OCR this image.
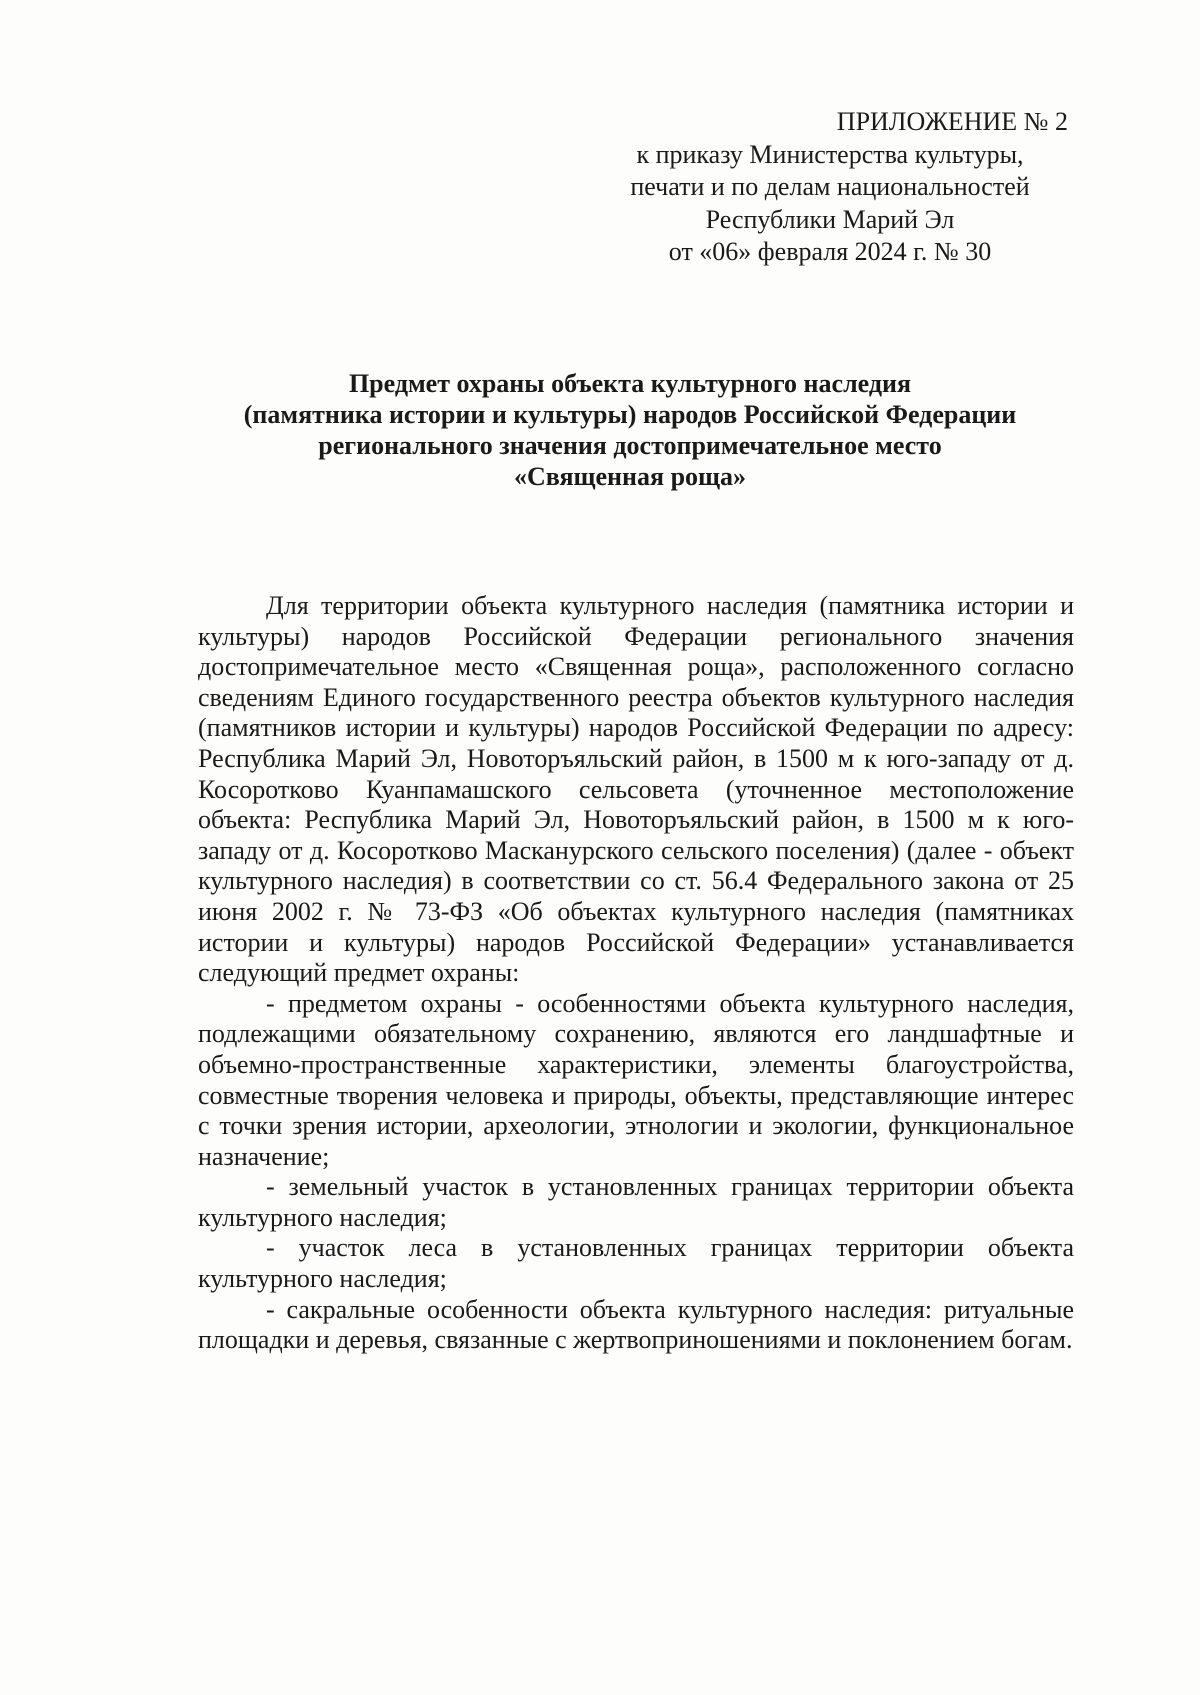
ПРИЛОЖЕНИЕ № 2
к приказу Министерства культуры,
печати и по делам национальностей
Республики Марий Эл
от «06» февраля 2024 г. № 30
Предмет охраны объекта культурного наследия
(памятника истории и культуры) народов Российской Федерации
регионального значения достопримечательное место
«Священная роща»

Для территории объекта культурного наследия (памятника истории и культуры) народов Российской Федерации регионального значения достопримечательное место «Священная роща», расположенного согласно сведениям Единого государственного реестра объектов культурного наследия (памятников истории и культуры) народов Российской Федерации по адресу: Республика Марий Эл, Новоторъяльский район, в 1500 м к юго-западу от д. Косоротково Куанпамашского сельсовета (уточненное местоположение объекта: Республика Марий Эл, Новоторъяльский район, в 1500 м к юго-западу от д. Косоротково Масканурского сельского поселения) (далее - объект культурного наследия) в соответствии со ст. 56.4 Федерального закона от 25 июня 2002 г. № 73-ФЗ «Об объектах культурного наследия (памятниках истории и культуры) народов Российской Федерации» устанавливается следующий предмет охраны:

- предметом охраны - особенностями объекта культурного наследия, подлежащими обязательному сохранению, являются его ландшафтные и объемно-пространственные характеристики, элементы благоустройства, совместные творения человека и природы, объекты, представляющие интерес с точки зрения истории, археологии, этнологии и экологии, функциональное назначение;

- земельный участок в установленных границах территории объекта культурного наследия;

- участок леса в установленных границах территории объекта культурного наследия;

- сакральные особенности объекта культурного наследия: ритуальные площадки и деревья, связанные с жертвоприношениями и поклонением богам.
